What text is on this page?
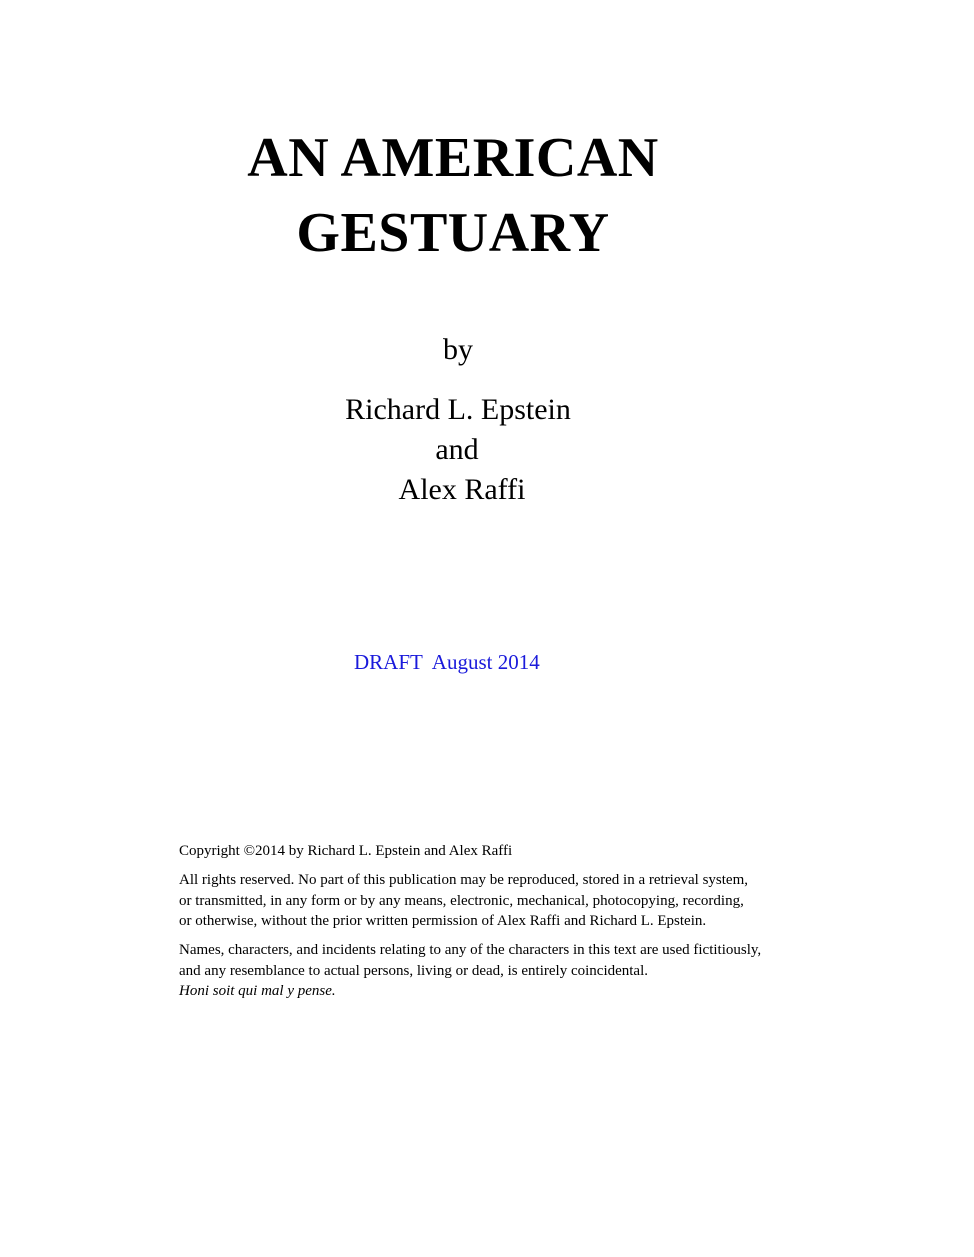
AN AMERICAN
GESTUARY

by

Richard L. Epstein

and

Alex Raffi

DRAFT  August 2014

Copyright ©2014 by Richard L. Epstein and Alex Raffi

All rights reserved. No part of this publication may be reproduced, stored in a retrieval system,
or transmitted, in any form or by any means, electronic, mechanical, photocopying, recording,
or otherwise, without the prior written permission of Alex Raffi and Richard L. Epstein.

Names, characters, and incidents relating to any of the characters in this text are used fictitiously,
and any resemblance to actual persons, living or dead, is entirely coincidental.

Honi soit qui mal y pense.
